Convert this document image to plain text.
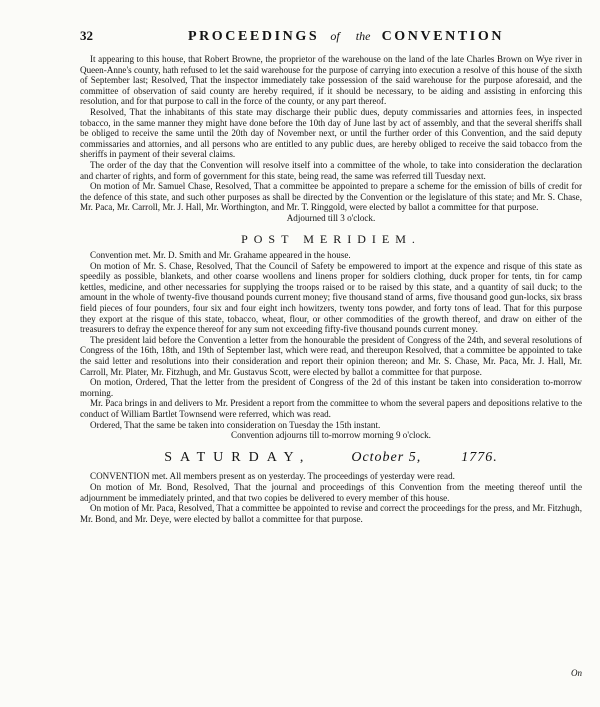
32	PROCEEDINGS of the CONVENTION

It appearing to this house, that Robert Browne, the proprietor of the warehouse on the land of the late Charles Brown on Wye river in Queen-Anne's county, hath refused to let the said warehouse for the purpose of carrying into execution a resolve of this house of the sixth of September last; Resolved, That the inspector immediately take possession of the said warehouse for the purpose aforesaid, and the committee of observation of said county are hereby required, if it should be necessary, to be aiding and assisting in enforcing this resolution, and for that purpose to call in the force of the county, or any part thereof.

Resolved, That the inhabitants of this state may discharge their public dues, deputy commissaries and attornies fees, in inspected tobacco, in the same manner they might have done before the 10th day of June last by act of assembly, and that the several sheriffs shall be obliged to receive the same until the 20th day of November next, or until the further order of this Convention, and the said deputy commissaries and attornies, and all persons who are entitled to any public dues, are hereby obliged to receive the said tobacco from the sheriffs in payment of their several claims.

The order of the day that the Convention will resolve itself into a committee of the whole, to take into consideration the declaration and charter of rights, and form of government for this state, being read, the same was referred till Tuesday next.

On motion of Mr. Samuel Chase, Resolved, That a committee be appointed to prepare a scheme for the emission of bills of credit for the defence of this state, and such other purposes as shall be directed by the Convention or the legislature of this state; and Mr. S. Chase, Mr. Paca, Mr. Carroll, Mr. J. Hall, Mr. Worthington, and Mr. T. Ringgold, were elected by ballot a committee for that purpose.

Adjourned till 3 o'clock.

POST MERIDIEM.

Convention met. Mr. D. Smith and Mr. Grahame appeared in the house.

On motion of Mr. S. Chase, Resolved, That the Council of Safety be empowered to import at the expence and risque of this state as speedily as possible, blankets, and other coarse woollens and linens proper for soldiers clothing, duck proper for tents, tin for camp kettles, medicine, and other necessaries for supplying the troops raised or to be raised by this state, and a quantity of sail duck; to the amount in the whole of twenty-five thousand pounds current money; five thousand stand of arms, five thousand good gun-locks, six brass field pieces of four pounders, four six and four eight inch howitzers, twenty tons powder, and forty tons of lead. That for this purpose they export at the risque of this state, tobacco, wheat, flour, or other commodities of the growth thereof, and draw on either of the treasurers to defray the expence thereof for any sum not exceeding fifty-five thousand pounds current money.

The president laid before the Convention a letter from the honourable the president of Congress of the 24th, and several resolutions of Congress of the 16th, 18th, and 19th of September last, which were read, and thereupon Resolved, that a committee be appointed to take the said letter and resolutions into their consideration and report their opinion thereon; and Mr. S. Chase, Mr. Paca, Mr. J. Hall, Mr. Carroll, Mr. Plater, Mr. Fitzhugh, and Mr. Gustavus Scott, were elected by ballot a committee for that purpose.

On motion, Ordered, That the letter from the president of Congress of the 2d of this instant be taken into consideration to-morrow morning.

Mr. Paca brings in and delivers to Mr. President a report from the committee to whom the several papers and depositions relative to the conduct of William Bartlet Townsend were referred, which was read.

Ordered, That the same be taken into consideration on Tuesday the 15th instant.

Convention adjourns till to-morrow morning 9 o'clock.

SATURDAY,	October 5,	1776.

CONVENTION met. All members present as on yesterday. The proceedings of yesterday were read.

On motion of Mr. Bond, Resolved, That the journal and proceedings of this Convention from the meeting thereof until the adjournment be immediately printed, and that two copies be delivered to every member of this house.

On motion of Mr. Paca, Resolved, That a committee be appointed to revise and correct the proceedings for the press, and Mr. Fitzhugh, Mr. Bond, and Mr. Deye, were elected by ballot a committee for that purpose.

On
